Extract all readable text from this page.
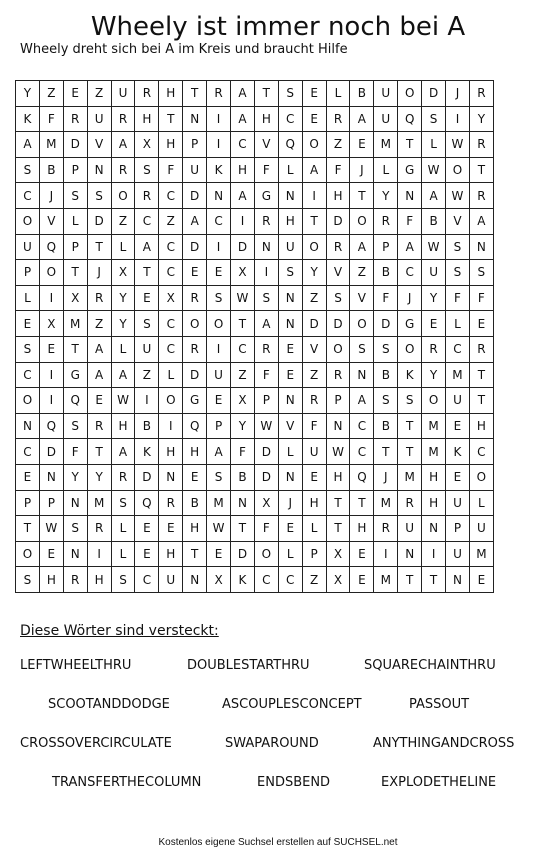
Wheely ist immer noch bei A
Wheely dreht sich bei A im Kreis und braucht Hilfe
Y	Z	E	Z	U	R	H	T	R	A	T	S	E	L	B	U	O	D	J	R
K	F	R	U	R	H	T	N	I	A	H	C	E	R	A	U	Q	S	I	Y
A	M	D	V	A	X	H	P	I	C	V	Q	O	Z	E	M	T	L	W	R
S	B	P	N	R	S	F	U	K	H	F	L	A	F	J	L	G	W	O	T
C	J	S	S	O	R	C	D	N	A	G	N	I	H	T	Y	N	A	W	R
O	V	L	D	Z	C	Z	A	C	I	R	H	T	D	O	R	F	B	V	A
U	Q	P	T	L	A	C	D	I	D	N	U	O	R	A	P	A	W	S	N
P	O	T	J	X	T	C	E	E	X	I	S	Y	V	Z	B	C	U	S	S
L	I	X	R	Y	E	X	R	S	W	S	N	Z	S	V	F	J	Y	F	F
E	X	M	Z	Y	S	C	O	O	T	A	N	D	D	O	D	G	E	L	E
S	E	T	A	L	U	C	R	I	C	R	E	V	O	S	S	O	R	C	R
C	I	G	A	A	Z	L	D	U	Z	F	E	Z	R	N	B	K	Y	M	T
O	I	Q	E	W	I	O	G	E	X	P	N	R	P	A	S	S	O	U	T
N	Q	S	R	H	B	I	Q	P	Y	W	V	F	N	C	B	T	M	E	H
C	D	F	T	A	K	H	H	A	F	D	L	U	W	C	T	T	M	K	C
E	N	Y	Y	R	D	N	E	S	B	D	N	E	H	Q	J	M	H	E	O
P	P	N	M	S	Q	R	B	M	N	X	J	H	T	T	M	R	H	U	L
T	W	S	R	L	E	E	H	W	T	F	E	L	T	H	R	U	N	P	U
O	E	N	I	L	E	H	T	E	D	O	L	P	X	E	I	N	I	U	M
S	H	R	H	S	C	U	N	X	K	C	C	Z	X	E	M	T	T	N	E
Diese Wörter sind versteckt:
LEFTWHEELTHRU	DOUBLESTARTHRU	SQUARECHAINTHRU
SCOOTANDDODGE	ASCOUPLESCONCEPT	PASSOUT
CROSSOVERCIRCULATE	SWAPAROUND	ANYTHINGANDCROSS
TRANSFERTHECOLUMN	ENDSBEND	EXPLODETHELINE
Kostenlos eigene Suchsel erstellen auf SUCHSEL.net
